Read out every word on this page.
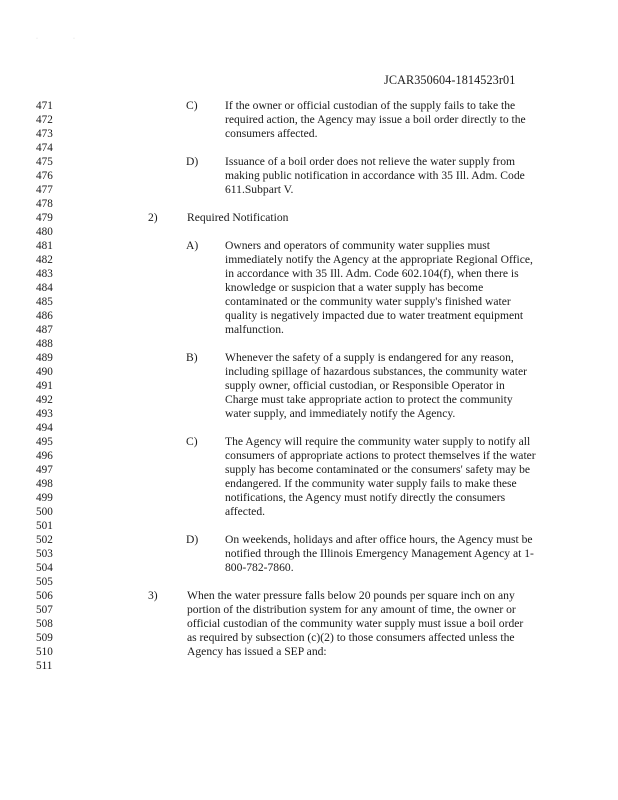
·	·
JCAR350604-1814523r01
471
472
473
474
475
476
477
478
479
480
481
482
483
484
485
486
487
488
489
490
491
492
493
494
495
496
497
498
499
500
501
502
503
504
505
506
507
508
509
510
511
C) If the owner or official custodian of the supply fails to take the
required action, the Agency may issue a boil order directly to the
consumers affected.
D) Issuance of a boil order does not relieve the water supply from
making public notification in accordance with 35 Ill. Adm. Code
611.Subpart V.
2)	Required Notification
A) Owners and operators of community water supplies must
immediately notify the Agency at the appropriate Regional Office,
in accordance with 35 Ill. Adm. Code 602.104(f), when there is
knowledge or suspicion that a water supply has become
contaminated or the community water supply's finished water
quality is negatively impacted due to water treatment equipment
malfunction.
B) Whenever the safety of a supply is endangered for any reason,
including spillage of hazardous substances, the community water
supply owner, official custodian, or Responsible Operator in
Charge must take appropriate action to protect the community
water supply, and immediately notify the Agency.
C) The Agency will require the community water supply to notify all
consumers of appropriate actions to protect themselves if the water
supply has become contaminated or the consumers' safety may be
endangered. If the community water supply fails to make these
notifications, the Agency must notify directly the consumers
affected.
D) On weekends, holidays and after office hours, the Agency must be
notified through the Illinois Emergency Management Agency at 1-
800-782-7860.
3)	When the water pressure falls below 20 pounds per square inch on any
portion of the distribution system for any amount of time, the owner or
official custodian of the community water supply must issue a boil order
as required by subsection (c)(2) to those consumers affected unless the
Agency has issued a SEP and:
